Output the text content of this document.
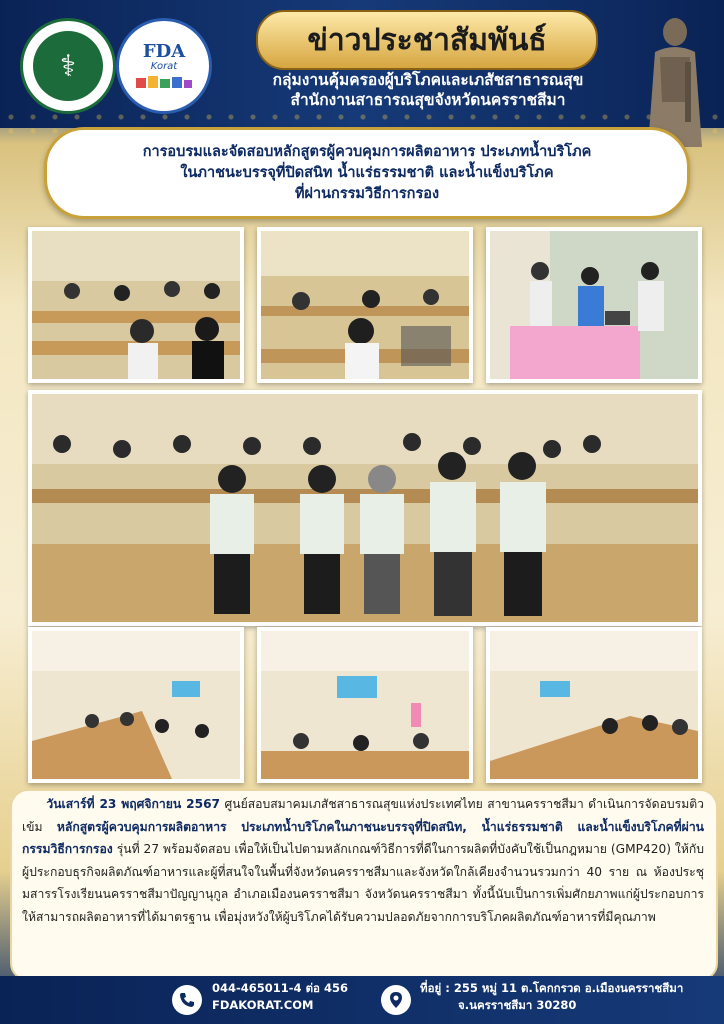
⚕	FDA
Korat
ข่าวประชาสัมพันธ์
กลุ่มงานคุ้มครองผู้บริโภคและเภสัชสาธารณสุข
สำนักงานสาธารณสุขจังหวัดนครราชสีมา
การอบรมและจัดสอบหลักสูตรผู้ควบคุมการผลิตอาหาร ประเภทน้ำบริโภค
ในภาชนะบรรจุที่ปิดสนิท น้ำแร่ธรรมชาติ และน้ำแข็งบริโภค
ที่ผ่านกรรมวิธีการกรอง
  วันเสาร์ที่ 23 พฤศจิกายน 2567 ศูนย์สอบสมาคมเภสัชสาธารณสุขแห่งประเทศไทย สาขานครราชสีมา ดำเนินการจัดอบรมติวเข้ม หลักสูตรผู้ควบคุมการผลิตอาหาร ประเภทน้ำบริโภคในภาชนะบรรจุที่ปิดสนิท, น้ำแร่ธรรมชาติ และน้ำแข็งบริโภคที่ผ่านกรรมวิธีการกรอง รุ่นที่ 27 พร้อมจัดสอบ เพื่อให้เป็นไปตามหลักเกณฑ์วิธีการที่ดีในการผลิตที่บังคับใช้เป็นกฎหมาย (GMP420) ให้กับผู้ประกอบธุรกิจผลิตภัณฑ์อาหารและผู้ที่สนใจในพื้นที่จังหวัดนครราชสีมาและจังหวัดใกล้เคียงจำนวนรวมกว่า 40 ราย ณ ห้องประชุมสารรโรงเรียนนครราชสีมาปัญญานุกูล อำเภอเมืองนครราชสีมา จังหวัดนครราชสีมา ทั้งนี้นับเป็นการเพิ่มศักยภาพแก่ผู้ประกอบการให้สามารถผลิตอาหารที่ได้มาตรฐาน เพื่อมุ่งหวังให้ผู้บริโภคได้รับความปลอดภัยจากการบริโภคผลิตภัณฑ์อาหารที่มีคุณภาพ
044-465011-4 ต่อ 456
FDAKORAT.COM
ที่อยู่ : 255 หมู่ 11 ต.โคกกรวด อ.เมืองนครราชสีมา
จ.นครราชสีมา 30280
